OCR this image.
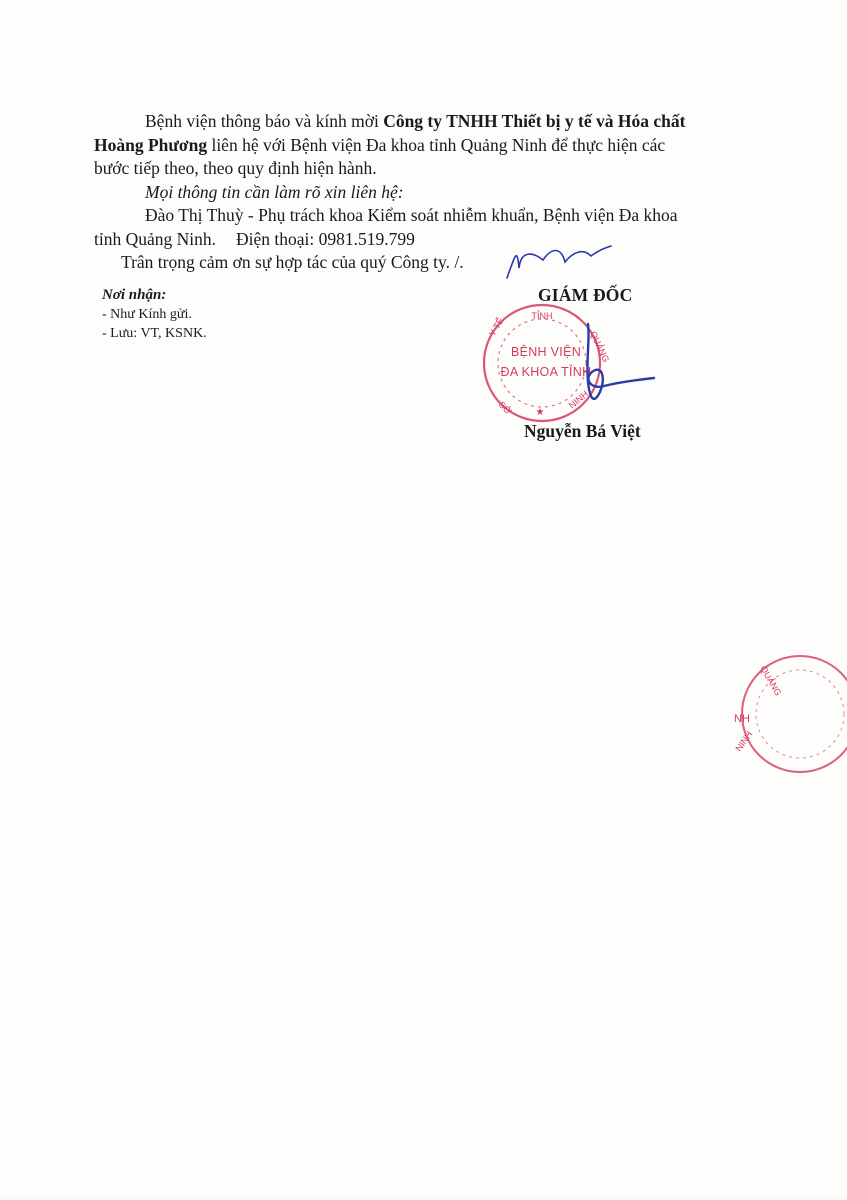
Bệnh viện thông báo và kính mời Công ty TNHH Thiết bị y tế và Hóa chất
Hoàng Phương liên hệ với Bệnh viện Đa khoa tỉnh Quảng Ninh để thực hiện các
bước tiếp theo, theo quy định hiện hành.

Mọi thông tin cần làm rõ xin liên hệ:

Đào Thị Thuỳ - Phụ trách khoa Kiểm soát nhiễm khuẩn, Bệnh viện Đa khoa
tỉnh Quảng Ninh. Điện thoại: 0981.519.799

Trân trọng cảm ơn sự hợp tác của quý Công ty. /.

Nơi nhận:
- Như Kính gửi.
- Lưu: VT, KSNK.
GIÁM ĐỐC
TỈNH
Y TẾ
QUẢNG
SỞ	NINH
★
BỆNH VIỆN
ĐA KHOA TỈNH
Nguyễn Bá Việt
QUẢNG
NH
NINH
